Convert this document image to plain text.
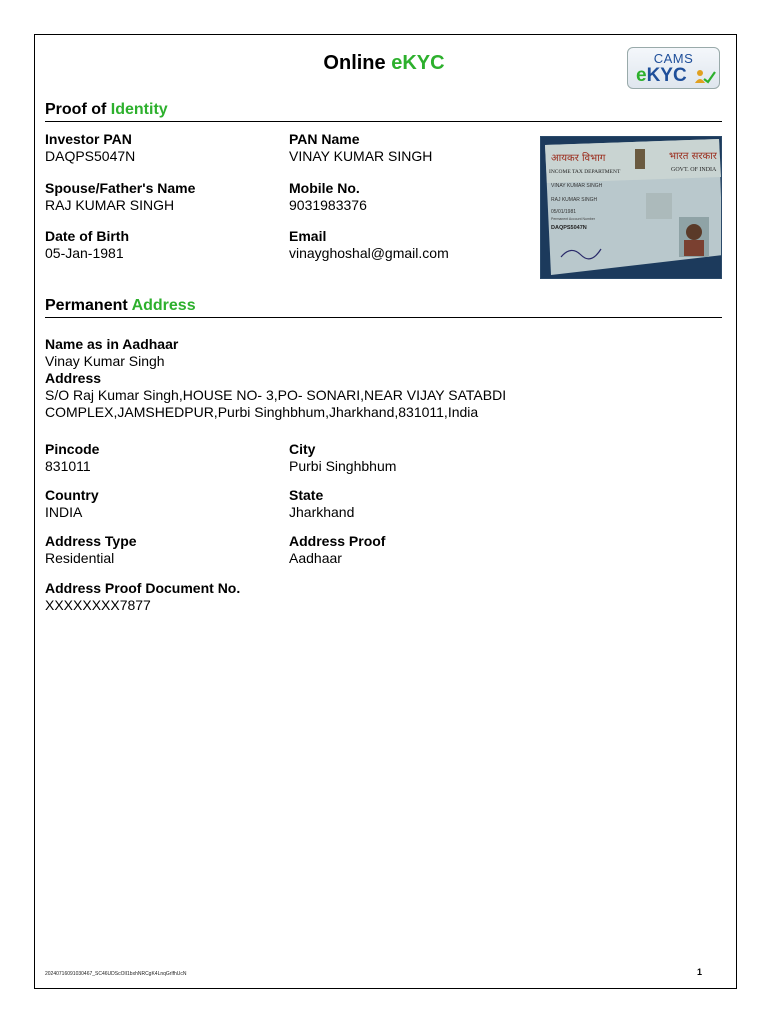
Online eKYC	CAMS
eKYC
Proof of Identity
Investor PAN
DAQPS5047N
PAN Name
VINAY KUMAR SINGH
Spouse/Father's Name
RAJ KUMAR SINGH
Mobile No.
9031983376
Date of Birth
05-Jan-1981
Email
vinayghoshal@gmail.com
आयकर विभाग	भारत सरकार
INCOME TAX DEPARTMENT	GOVT. OF INDIA
VINAY KUMAR SINGH
RAJ KUMAR SINGH
05/01/1981
Permanent Account Number
DAQPS5047N
Permanent Address
Name as in Aadhaar
Vinay Kumar Singh
Address
S/O Raj Kumar Singh,HOUSE NO- 3,PO- SONARI,NEAR VIJAY SATABDI
COMPLEX,JAMSHEDPUR,Purbi Singhbhum,Jharkhand,831011,India
Pincode
831011
City
Purbi Singhbhum
Country
INDIA
State
Jharkhand
Address Type
Residential
Address Proof
Aadhaar
Address Proof Document No.
XXXXXXXX7877
20240716091030467_SC46UDScOlI1bxhNRCgK4LnqGrlfhUcN	1
